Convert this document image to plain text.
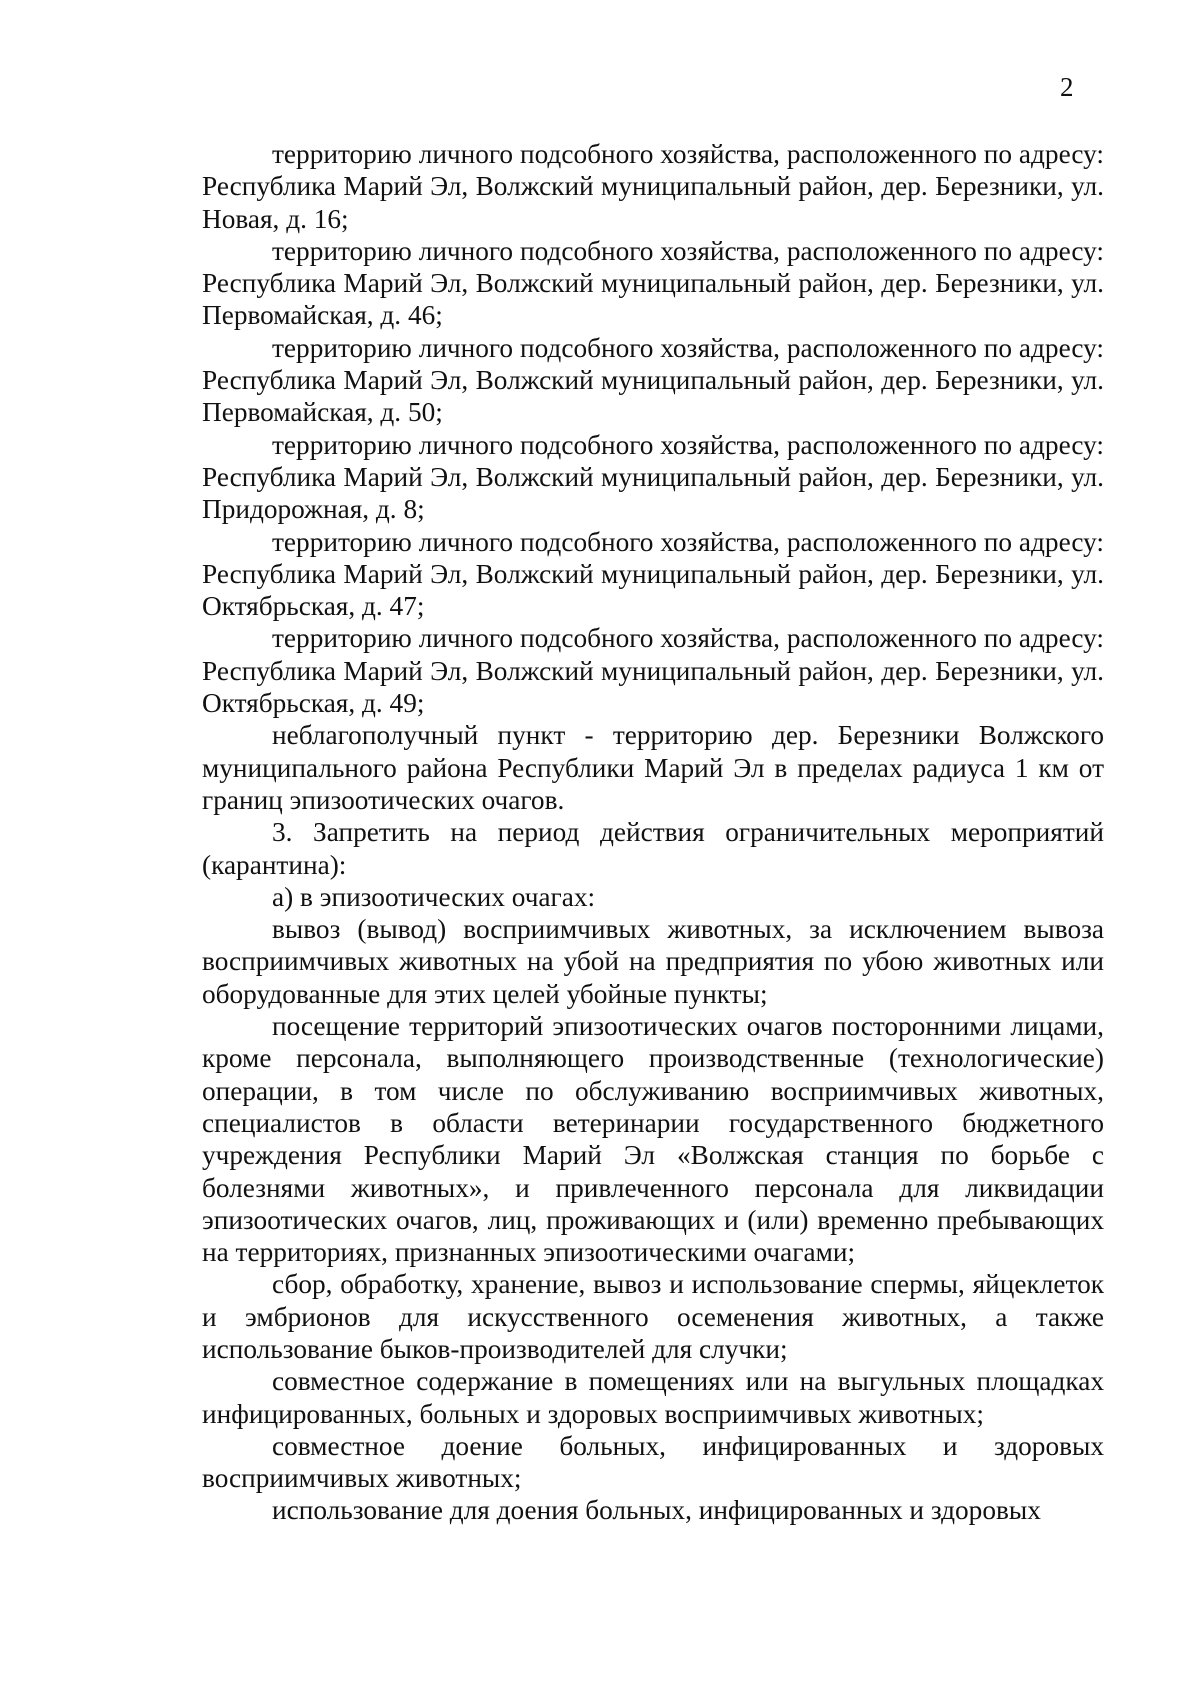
2

территорию личного подсобного хозяйства, расположенного по адресу: Республика Марий Эл, Волжский муниципальный район, дер. Березники, ул. Новая, д. 16;

территорию личного подсобного хозяйства, расположенного по адресу: Республика Марий Эл, Волжский муниципальный район, дер. Березники, ул. Первомайская, д. 46;

территорию личного подсобного хозяйства, расположенного по адресу: Республика Марий Эл, Волжский муниципальный район, дер. Березники, ул. Первомайская, д. 50;

территорию личного подсобного хозяйства, расположенного по адресу: Республика Марий Эл, Волжский муниципальный район, дер. Березники, ул. Придорожная, д. 8;

территорию личного подсобного хозяйства, расположенного по адресу: Республика Марий Эл, Волжский муниципальный район, дер. Березники, ул. Октябрьская, д. 47;

территорию личного подсобного хозяйства, расположенного по адресу: Республика Марий Эл, Волжский муниципальный район, дер. Березники, ул. Октябрьская, д. 49;

неблагополучный пункт - территорию дер. Березники Волжского муниципального района Республики Марий Эл в пределах радиуса 1 км от границ эпизоотических очагов.

3. Запретить на период действия ограничительных мероприятий (карантина):

а) в эпизоотических очагах:

вывоз (вывод) восприимчивых животных, за исключением вывоза восприимчивых животных на убой на предприятия по убою животных или оборудованные для этих целей убойные пункты;

посещение территорий эпизоотических очагов посторонними лицами, кроме персонала, выполняющего производственные (технологические) операции, в том числе по обслуживанию восприимчивых животных, специалистов в области ветеринарии государственного бюджетного учреждения Республики Марий Эл «Волжская станция по борьбе с болезнями животных», и привлеченного персонала для ликвидации эпизоотических очагов, лиц, проживающих и (или) временно пребывающих на территориях, признанных эпизоотическими очагами;

сбор, обработку, хранение, вывоз и использование спермы, яйцеклеток и эмбрионов для искусственного осеменения животных, а также использование быков-производителей для случки;

совместное содержание в помещениях или на выгульных площадках инфицированных, больных и здоровых восприимчивых животных;

совместное доение больных, инфицированных и здоровых восприимчивых животных;

использование для доения больных, инфицированных и здоровых
